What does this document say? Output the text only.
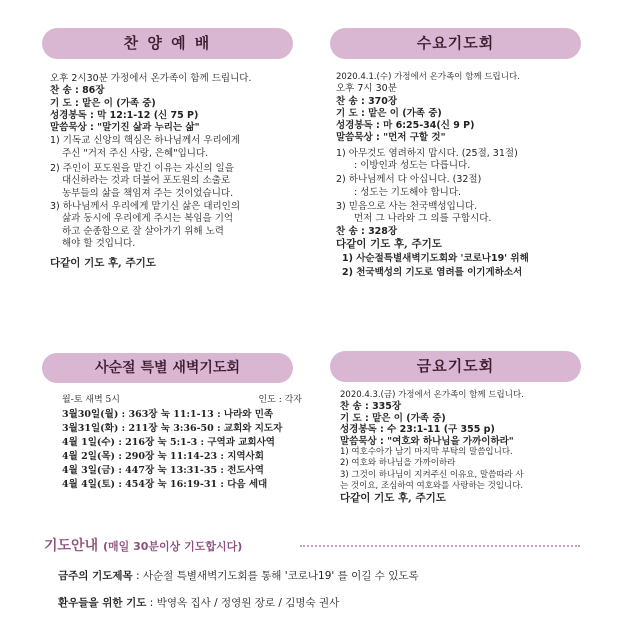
찬 양 예 배
오후 2시30분 가정에서 온가족이 함께 드립니다.
찬 송 : 86장
기 도 : 맡은 이 (가족 중)
성경봉독 : 막 12:1-12 (신 75 P)
말씀묵상 : "말기진 삶과 누리는 삶"
1) 기독교 신앙의 핵심은 하나님께서 우리에게
주신 "거저 주신 사랑, 은혜"입니다.
2) 주인이 포도원을 맡긴 이유는 자신의 일을
대신하라는 것과 더불어 포도원의 소출로
농부들의 삶을 책임져 주는 것이었습니다.
3) 하나님께서 우리에게 맡기신 삶은 대리인의
삶과 동시에 우리에게 주시는 복임을 기억
하고 순종함으로 잘 살아가기 위해 노력
해야 할 것입니다.
다같이 기도 후, 주기도
수요기도회
2020.4.1.(수) 가정에서 온가족이 함께 드립니다.
오후 7시 30분
찬 송 : 370장
기 도 : 맡은 이 (가족 중)
성경봉독 : 마 6:25-34(신 9 P)
말씀묵상 : "먼저 구할 것"
1) 아무것도 염려하지 맙시다. (25절, 31절)
: 이방인과 성도는 다릅니다.
2) 하나님께서 다 아십니다. (32절)
: 성도는 기도해야 합니다.
3) 믿음으로 사는 천국백성입니다.
먼저 그 나라와 그 의를 구합시다.
찬 송 : 328장
다같이 기도 후, 주기도
1) 사순절특별새벽기도회와 '코로나19' 위해
2) 천국백성의 기도로 염려를 이기게하소서
사순절 특별 새벽기도회
월-토 새벽 5시	인도 : 각자
3월30일(월) : 363장 눅 11:1-13 : 나라와 민족
3월31일(화) : 211장 눅 3:36-50 : 교회와 지도자
4월 1일(수) : 216장 눅 5:1-3 : 구역과 교회사역
4월 2일(목) : 290장 눅 11:14-23 : 지역사회
4월 3일(금) : 447장 눅 13:31-35 : 전도사역
4월 4일(토) : 454장 눅 16:19-31 : 다음 세대
금요기도회
2020.4.3.(금) 가정에서 온가족이 함께 드립니다.
찬 송 : 335장
기 도 : 맡은 이 (가족 중)
성경봉독 : 수 23:1-11 (구 355 p)
말씀묵상 : "여호와 하나님을 가까이하라"
1) 여호수아가 남기 마지막 부탁의 말씀입니다.
2) 여호와 하나님을 가까이하라
3) 그것이 하나님이 지켜주신 이유요, 말씀따라 사
는 것이요, 조심하여 여호와를 사랑하는 것입니다.
다같이 기도 후, 주기도
기도안내 (매일 30분이상 기도합시다)
금주의 기도제목 : 사순절 특별새벽기도회를 통해 '코로나19' 를 이길 수 있도록
환우들을 위한 기도 : 박영옥 집사 / 정영원 장로 / 김명숙 권사
